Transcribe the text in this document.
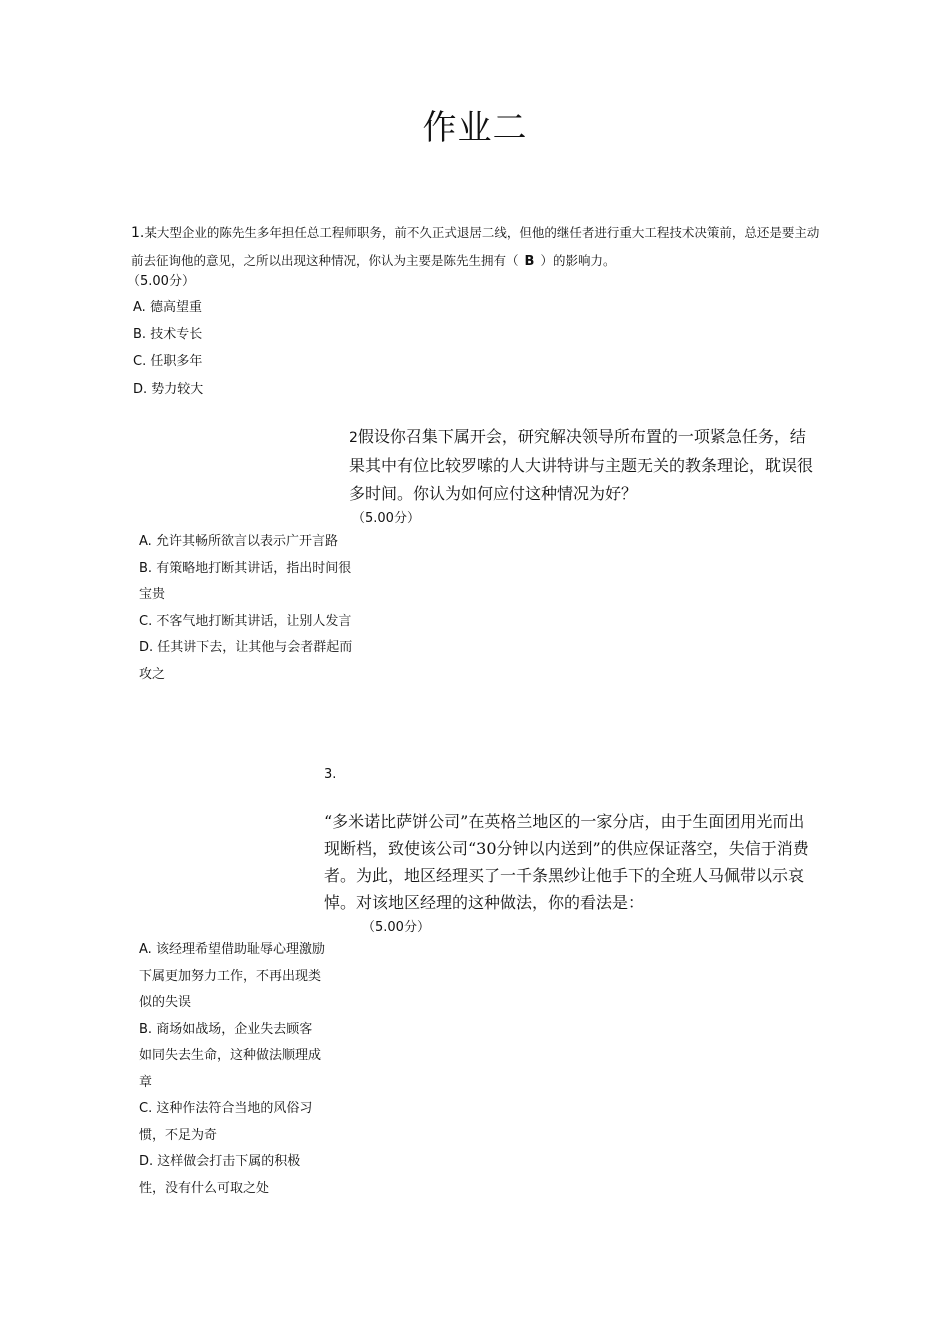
作业二

1.某大型企业的陈先生多年担任总工程师职务，前不久正式退居二线，但他的继任者进行重大工程技术决策前，总还是要主动前去征询他的意见，之所以出现这种情况，你认为主要是陈先生拥有（ B ）的影响力。

（5.00分）
A. 德高望重
B. 技术专长
C. 任职多年
D. 势力较大

2假设你召集下属开会，研究解决领导所布置的一项紧急任务，结果其中有位比较罗嗦的人大讲特讲与主题无关的教条理论，耽误很多时间。你认为如何应付这种情况为好？

（5.00分）
A. 允许其畅所欲言以表示广开言路
B. 有策略地打断其讲话，指出时间很宝贵
C. 不客气地打断其讲话，让别人发言
D. 任其讲下去，让其他与会者群起而攻之
3.

“多米诺比萨饼公司”在英格兰地区的一家分店，由于生面团用光而出现断档，致使该公司“30分钟以内送到”的供应保证落空，失信于消费者。为此，地区经理买了一千条黑纱让他手下的全班人马佩带以示哀悼。对该地区经理的这种做法，你的看法是：

（5.00分）
A. 该经理希望借助耻辱心理激励下属更加努力工作，不再出现类似的失误
B. 商场如战场，企业失去顾客如同失去生命，这种做法顺理成章
C. 这种作法符合当地的风俗习惯，不足为奇
D. 这样做会打击下属的积极性，没有什么可取之处
